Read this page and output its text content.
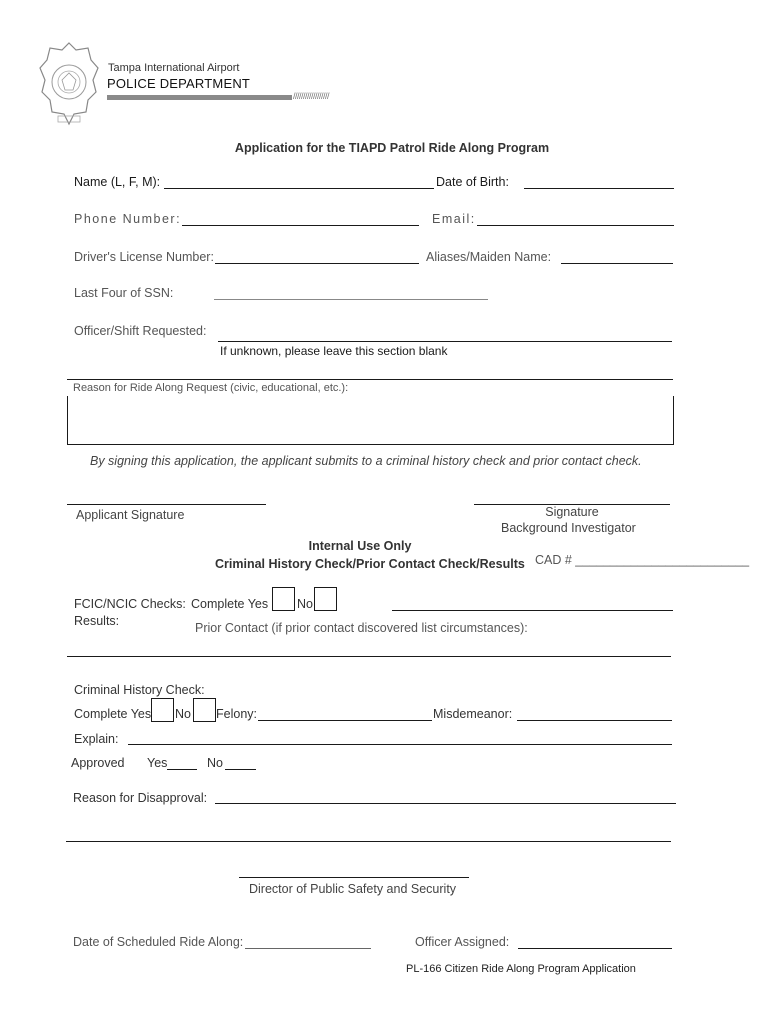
Tampa International Airport
POLICE DEPARTMENT
//////////////////
Application for the TIAPD Patrol Ride Along Program
Name (L, F, M):	Date of Birth:
Phone Number:	Email:
Driver's License Number:	Aliases/Maiden Name:
Last Four of SSN:
Officer/Shift Requested:
If unknown, please leave this section blank
Reason for Ride Along Request (civic, educational, etc.):
By signing this application, the applicant submits to a criminal history check and prior contact check.
Applicant Signature	Signature
Background Investigator
Internal Use Only
Criminal History Check/Prior Contact Check/Results CAD # _________________________
FCIC/NCIC Checks: Complete Yes No
Results:	Prior Contact (if prior contact discovered list circumstances):
Criminal History Check:
Complete Yes No Felony:	Misdemeanor:
Explain:
Approved Yes	No
Reason for Disapproval:
Director of Public Safety and Security
Date of Scheduled Ride Along:	Officer Assigned:
PL-166 Citizen Ride Along Program Application
